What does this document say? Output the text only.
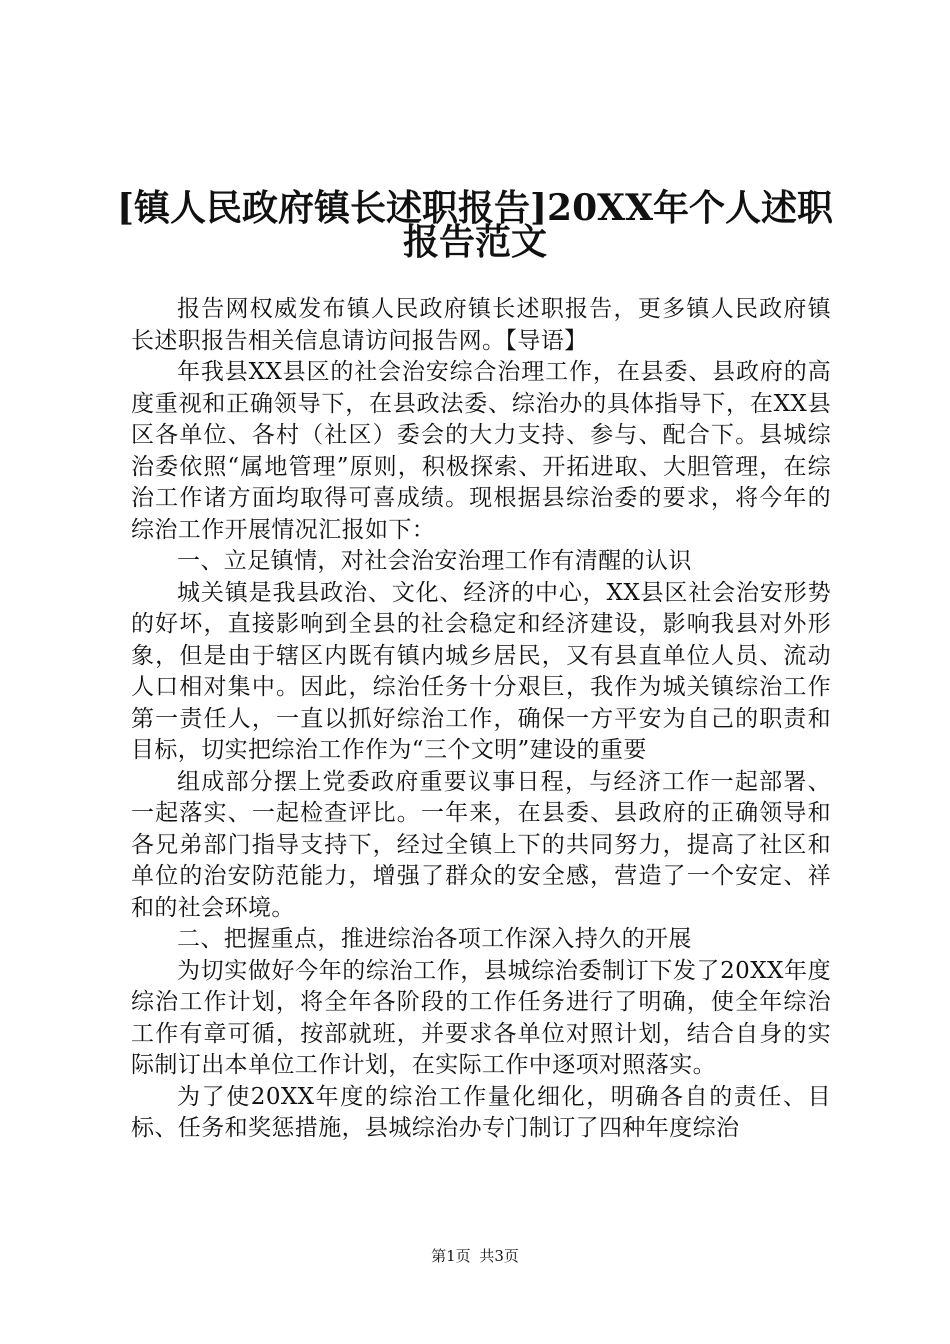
[镇人民政府镇长述职报告]20XX年个人述职
报告范文

报告网权威发布镇人民政府镇长述职报告，更多镇人民政府镇长述职报告相关信息请访问报告网。【导语】

年我县XX县区的社会治安综合治理工作，在县委、县政府的高度重视和正确领导下，在县政法委、综治办的具体指导下，在XX县区各单位、各村（社区）委会的大力支持、参与、配合下。县城综治委依照“属地管理”原则，积极探索、开拓进取、大胆管理，在综治工作诸方面均取得可喜成绩。现根据县综治委的要求，将今年的综治工作开展情况汇报如下：

一、立足镇情，对社会治安治理工作有清醒的认识

城关镇是我县政治、文化、经济的中心，XX县区社会治安形势的好坏，直接影响到全县的社会稳定和经济建设，影响我县对外形象，但是由于辖区内既有镇内城乡居民，又有县直单位人员、流动人口相对集中。因此，综治任务十分艰巨，我作为城关镇综治工作第一责任人，一直以抓好综治工作，确保一方平安为自己的职责和目标，切实把综治工作作为“三个文明”建设的重要

组成部分摆上党委政府重要议事日程，与经济工作一起部署、一起落实、一起检查评比。一年来，在县委、县政府的正确领导和各兄弟部门指导支持下，经过全镇上下的共同努力，提高了社区和单位的治安防范能力，增强了群众的安全感，营造了一个安定、祥和的社会环境。

二、把握重点，推进综治各项工作深入持久的开展

为切实做好今年的综治工作，县城综治委制订下发了20XX年度综治工作计划，将全年各阶段的工作任务进行了明确，使全年综治工作有章可循，按部就班，并要求各单位对照计划，结合自身的实际制订出本单位工作计划，在实际工作中逐项对照落实。

为了使20XX年度的综治工作量化细化，明确各自的责任、目标、任务和奖惩措施，县城综治办专门制订了四种年度综治

第1页 共3页
